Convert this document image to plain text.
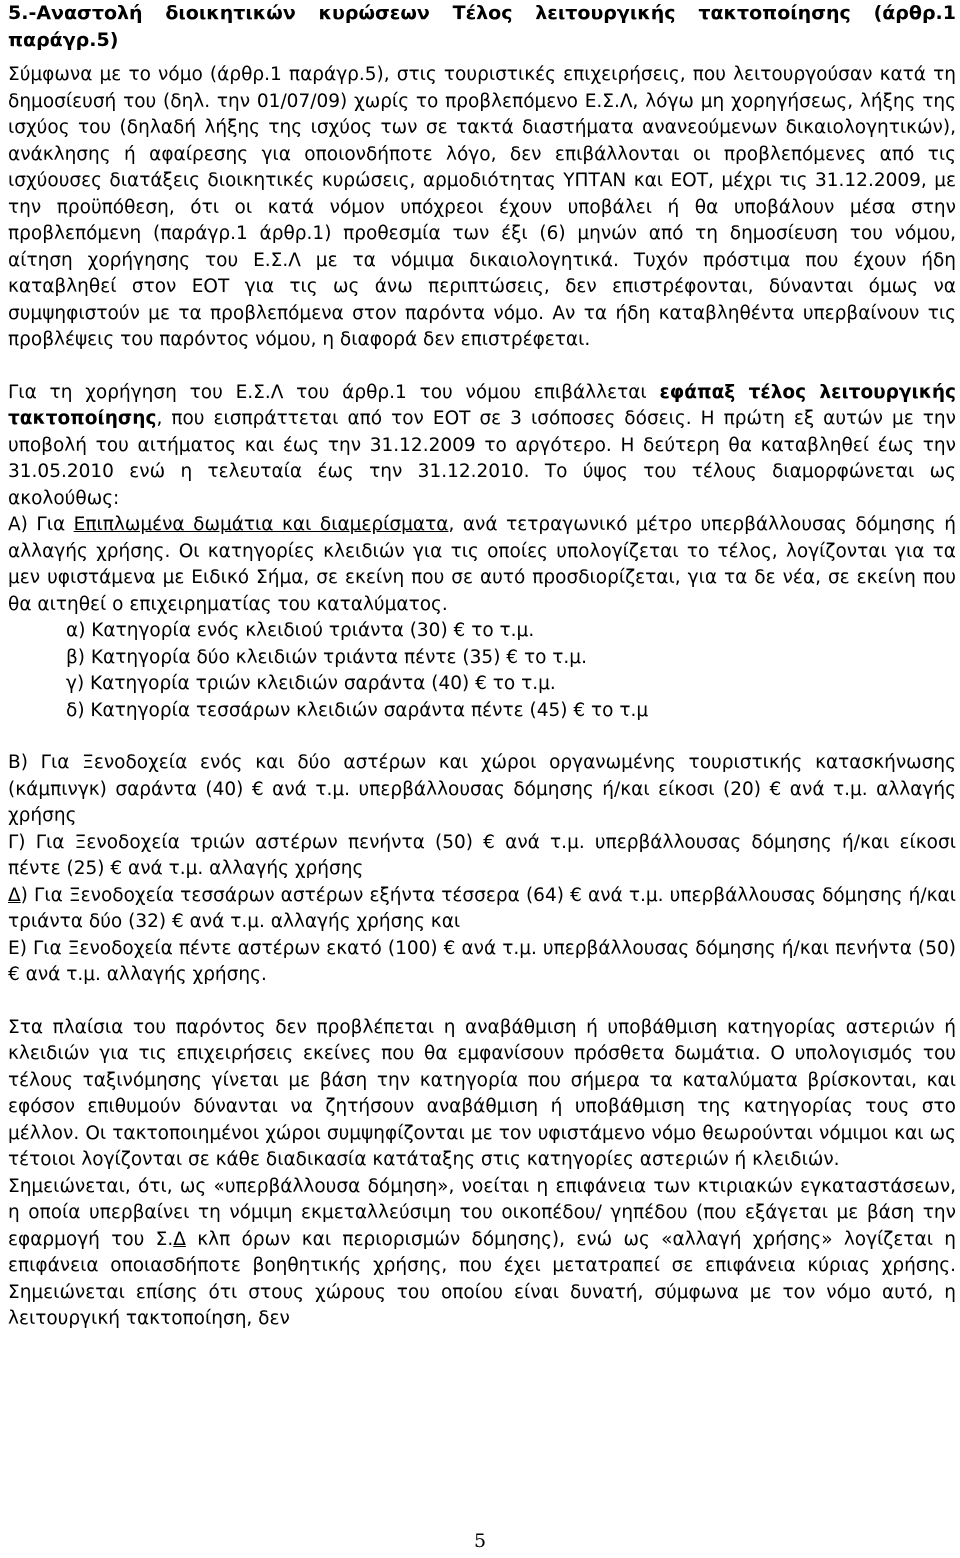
5.-Αναστολή διοικητικών κυρώσεων Τέλος λειτουργικής τακτοποίησης (άρθρ.1 παράγρ.5)

Σύμφωνα με το νόμο (άρθρ.1 παράγρ.5), στις τουριστικές επιχειρήσεις, που λειτουργούσαν κατά τη δημοσίευσή του (δηλ. την 01/07/09) χωρίς το προβλεπόμενο Ε.Σ.Λ, λόγω μη χορηγήσεως, λήξης της ισχύος του (δηλαδή λήξης της ισχύος των σε τακτά διαστήματα ανανεούμενων δικαιολογητικών), ανάκλησης ή αφαίρεσης για οποιονδήποτε λόγο, δεν επιβάλλονται οι προβλεπόμενες από τις ισχύουσες διατάξεις διοικητικές κυρώσεις, αρμοδιότητας ΥΠΤΑΝ και ΕΟΤ, μέχρι τις 31.12.2009, με την προϋπόθεση, ότι οι κατά νόμον υπόχρεοι έχουν υποβάλει ή θα υποβάλουν μέσα στην προβλεπόμενη (παράγρ.1 άρθρ.1) προθεσμία των έξι (6) μηνών από τη δημοσίευση του νόμου, αίτηση χορήγησης του Ε.Σ.Λ με τα νόμιμα δικαιολογητικά. Τυχόν πρόστιμα που έχουν ήδη καταβληθεί στον ΕΟΤ για τις ως άνω περιπτώσεις, δεν επιστρέφονται, δύνανται όμως να συμψηφιστούν με τα προβλεπόμενα στον παρόντα νόμο. Αν τα ήδη καταβληθέντα υπερβαίνουν τις προβλέψεις του παρόντος νόμου, η διαφορά δεν επιστρέφεται.

Για τη χορήγηση του Ε.Σ.Λ του άρθρ.1 του νόμου επιβάλλεται εφάπαξ τέλος λειτουργικής τακτοποίησης, που εισπράττεται από τον ΕΟΤ σε 3 ισόποσες δόσεις. Η πρώτη εξ αυτών με την υποβολή του αιτήματος και έως την 31.12.2009 το αργότερο. Η δεύτερη θα καταβληθεί έως την 31.05.2010 ενώ η τελευταία έως την 31.12.2010. Το ύψος του τέλους διαμορφώνεται ως ακολούθως:

Α) Για Επιπλωμένα δωμάτια και διαμερίσματα, ανά τετραγωνικό μέτρο υπερβάλλουσας δόμησης ή αλλαγής χρήσης. Οι κατηγορίες κλειδιών για τις οποίες υπολογίζεται το τέλος, λογίζονται για τα μεν υφιστάμενα με Ειδικό Σήμα, σε εκείνη που σε αυτό προσδιορίζεται, για τα δε νέα, σε εκείνη που θα αιτηθεί ο επιχειρηματίας του καταλύματος.

α) Κατηγορία ενός κλειδιού τριάντα (30) € το τ.μ.

β) Κατηγορία δύο κλειδιών τριάντα πέντε (35) € το τ.μ.

γ) Κατηγορία τριών κλειδιών σαράντα (40) € το τ.μ.

δ) Κατηγορία τεσσάρων κλειδιών σαράντα πέντε (45) € το τ.μ

Β) Για Ξενοδοχεία ενός και δύο αστέρων και χώροι οργανωμένης τουριστικής κατασκήνωσης (κάμπινγκ) σαράντα (40) € ανά τ.μ. υπερβάλλουσας δόμησης ή/και είκοσι (20) € ανά τ.μ. αλλαγής χρήσης

Γ) Για Ξενοδοχεία τριών αστέρων πενήντα (50) € ανά τ.μ. υπερβάλλουσας δόμησης ή/και είκοσι πέντε (25) € ανά τ.μ. αλλαγής χρήσης

Δ) Για Ξενοδοχεία τεσσάρων αστέρων εξήντα τέσσερα (64) € ανά τ.μ. υπερβάλλουσας δόμησης ή/και τριάντα δύο (32) € ανά τ.μ. αλλαγής χρήσης και

Ε) Για Ξενοδοχεία πέντε αστέρων εκατό (100) € ανά τ.μ. υπερβάλλουσας δόμησης ή/και πενήντα (50) € ανά τ.μ. αλλαγής χρήσης.

Στα πλαίσια του παρόντος δεν προβλέπεται η αναβάθμιση ή υποβάθμιση κατηγορίας αστεριών ή κλειδιών για τις επιχειρήσεις εκείνες που θα εμφανίσουν πρόσθετα δωμάτια. Ο υπολογισμός του τέλους ταξινόμησης γίνεται με βάση την κατηγορία που σήμερα τα καταλύματα βρίσκονται, και εφόσον επιθυμούν δύνανται να ζητήσουν αναβάθμιση ή υποβάθμιση της κατηγορίας τους στο μέλλον. Οι τακτοποιημένοι χώροι συμψηφίζονται με τον υφιστάμενο νόμο θεωρούνται νόμιμοι και ως τέτοιοι λογίζονται σε κάθε διαδικασία κατάταξης στις κατηγορίες αστεριών ή κλειδιών.

Σημειώνεται, ότι, ως «υπερβάλλουσα δόμηση», νοείται η επιφάνεια των κτιριακών εγκαταστάσεων, η οποία υπερβαίνει τη νόμιμη εκμεταλλεύσιμη του οικοπέδου/ γηπέδου (που εξάγεται με βάση την εφαρμογή του Σ.Δ κλπ όρων και περιορισμών δόμησης), ενώ ως «αλλαγή χρήσης» λογίζεται η επιφάνεια οποιασδήποτε βοηθητικής χρήσης, που έχει μετατραπεί σε επιφάνεια κύριας χρήσης. Σημειώνεται επίσης ότι στους χώρους του οποίου είναι δυνατή, σύμφωνα με τον νόμο αυτό, η λειτουργική τακτοποίηση, δεν

5
